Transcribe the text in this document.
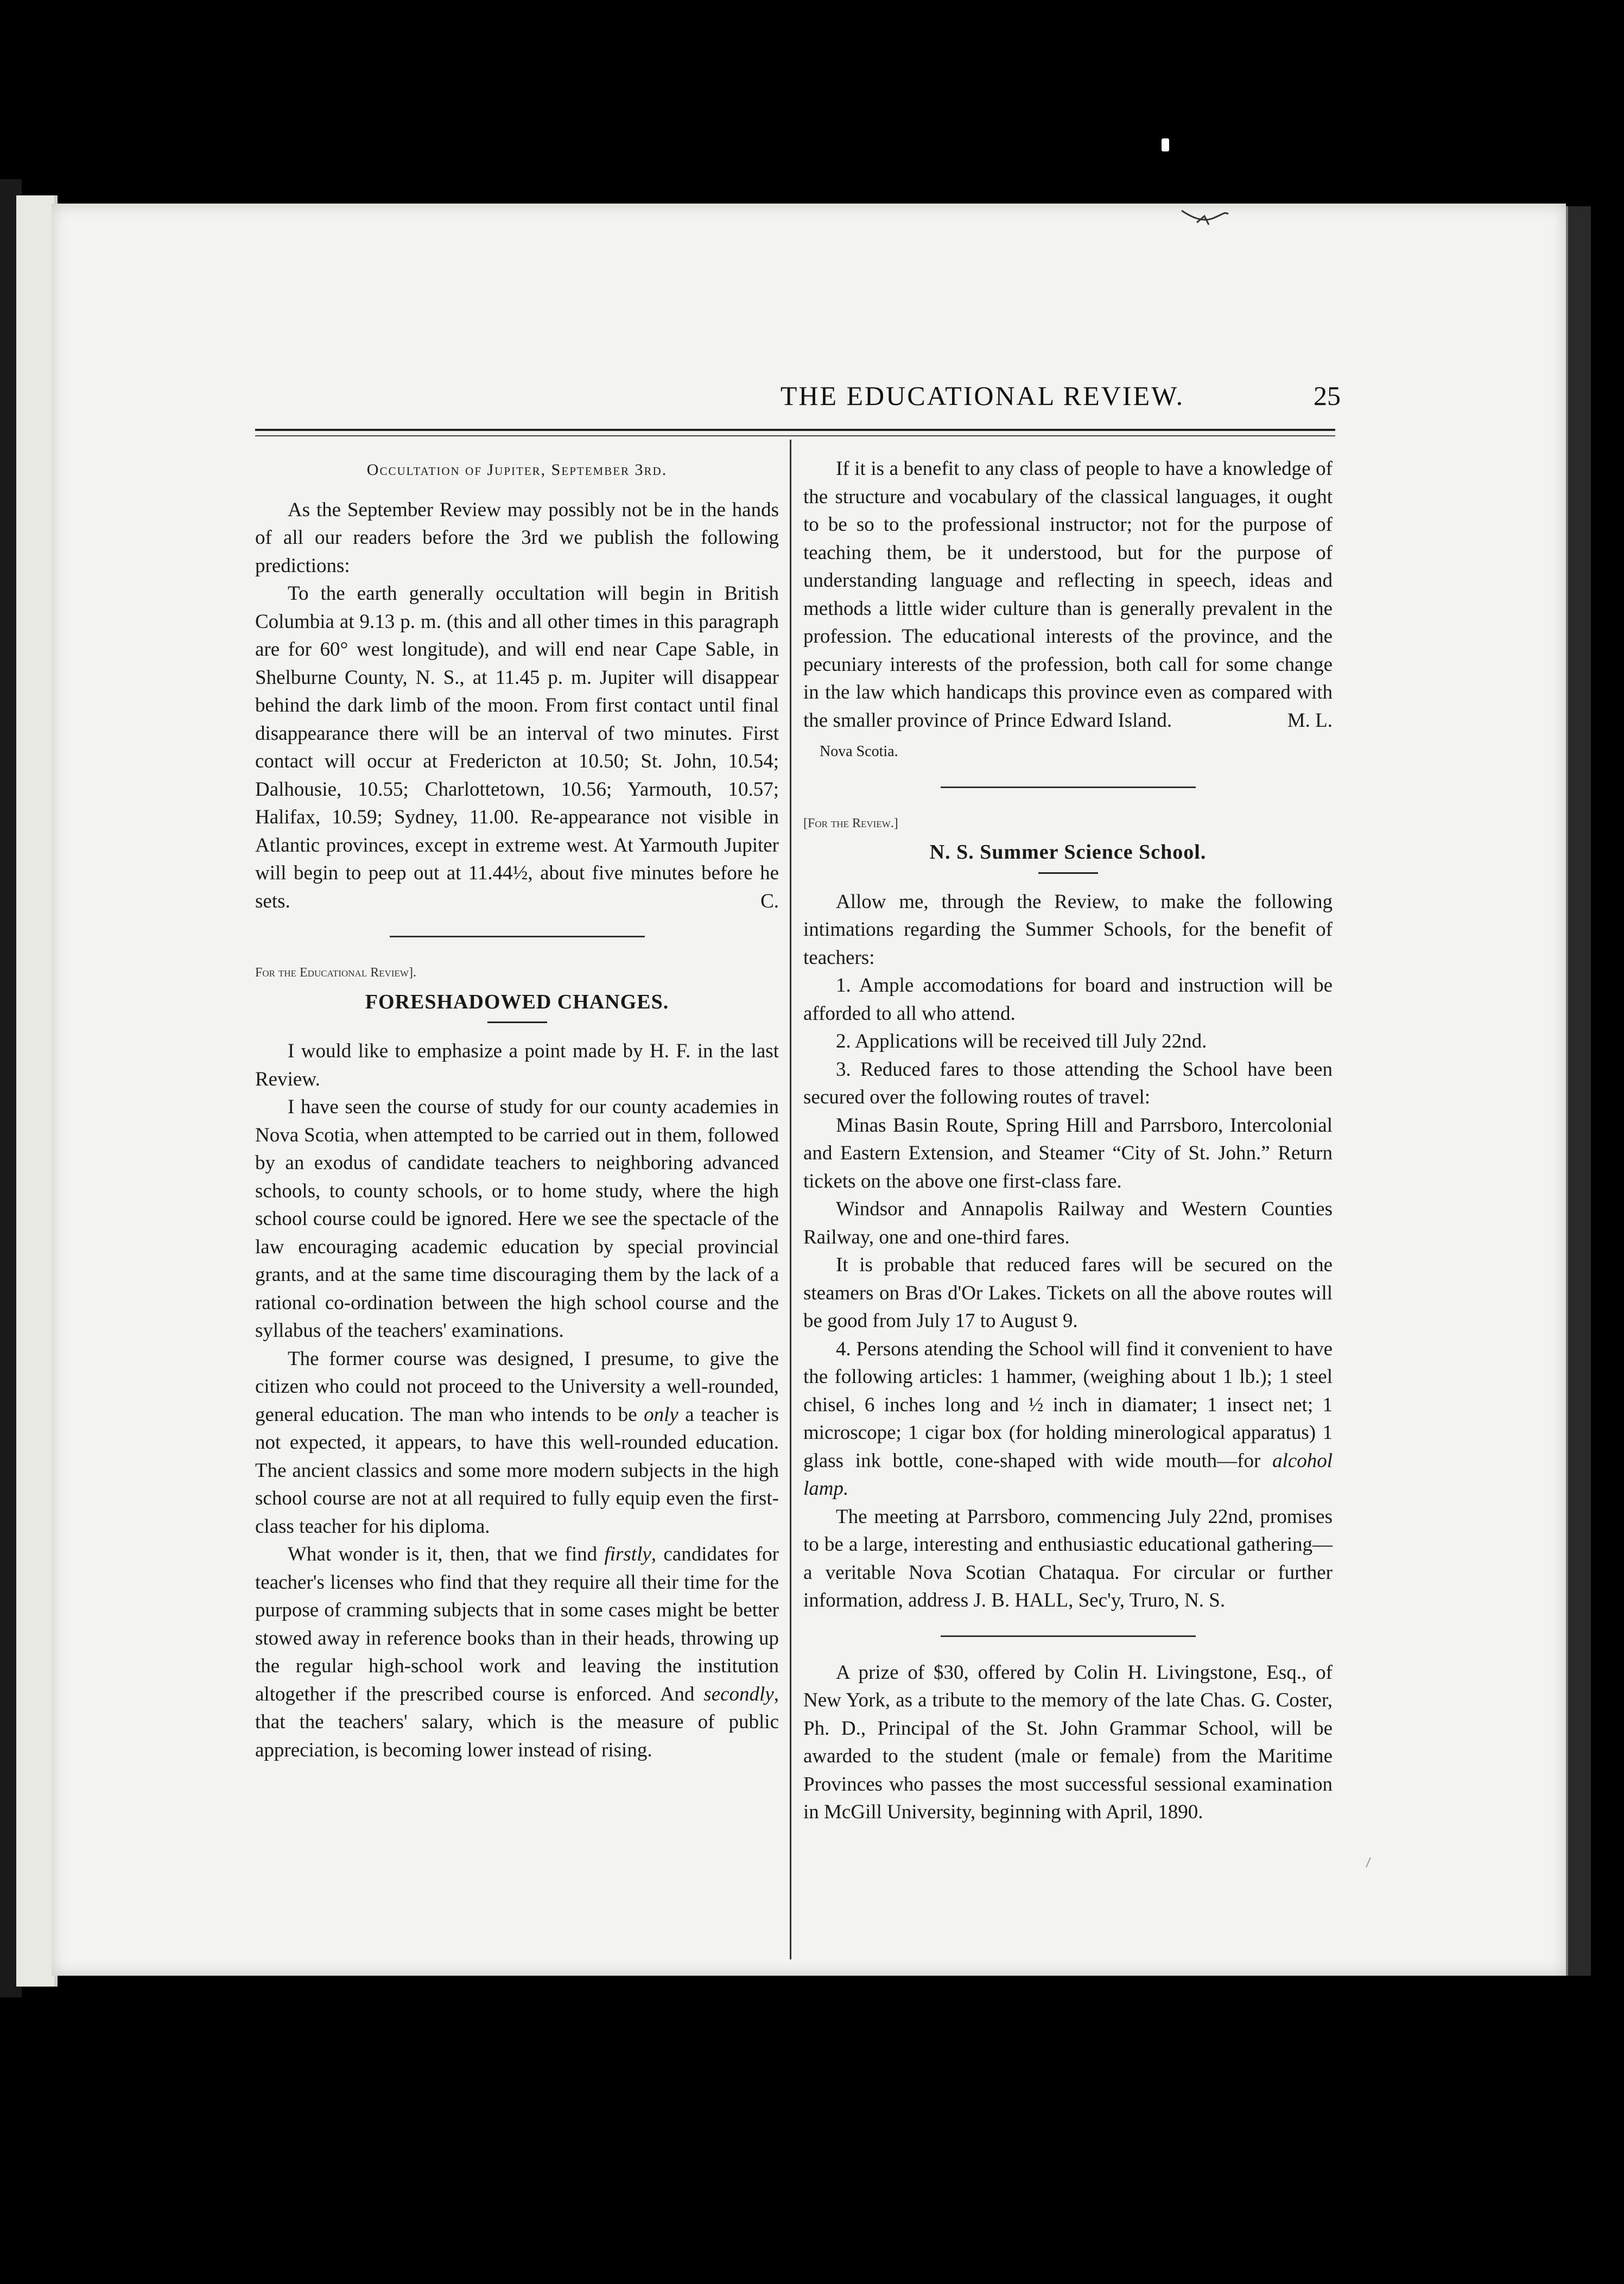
THE EDUCATIONAL REVIEW.	25
Occultation of Jupiter, September 3rd.

As the September Review may possibly not be in the hands of all our readers before the 3rd we publish the following predictions:

To the earth generally occultation will begin in British Columbia at 9.13 p. m. (this and all other times in this paragraph are for 60° west longitude), and will end near Cape Sable, in Shelburne County, N. S., at 11.45 p. m. Jupiter will disappear behind the dark limb of the moon. From first contact until final disappearance there will be an interval of two minutes. First contact will occur at Fredericton at 10.50; St. John, 10.54; Dalhousie, 10.55; Charlottetown, 10.56; Yarmouth, 10.57; Halifax, 10.59; Sydney, 11.00. Re-appearance not visible in Atlantic provinces, except in extreme west. At Yarmouth Jupiter will begin to peep out at 11.44½, about five minutes before he sets.	C.

For the Educational Review].

FORESHADOWED CHANGES.

I would like to emphasize a point made by H. F. in the last Review.

I have seen the course of study for our county academies in Nova Scotia, when attempted to be carried out in them, followed by an exodus of candidate teachers to neighboring advanced schools, to county schools, or to home study, where the high school course could be ignored. Here we see the spectacle of the law encouraging academic education by special provincial grants, and at the same time discouraging them by the lack of a rational co-ordination between the high school course and the syllabus of the teachers' examinations.

The former course was designed, I presume, to give the citizen who could not proceed to the University a well-rounded, general education. The man who intends to be only a teacher is not expected, it appears, to have this well-rounded education. The ancient classics and some more modern subjects in the high school course are not at all required to fully equip even the first-class teacher for his diploma.

What wonder is it, then, that we find firstly, candidates for teacher's licenses who find that they require all their time for the purpose of cramming subjects that in some cases might be better stowed away in reference books than in their heads, throwing up the regular high-school work and leaving the institution altogether if the prescribed course is enforced. And secondly, that the teachers' salary, which is the measure of public appreciation, is becoming lower instead of rising.

If it is a benefit to any class of people to have a knowledge of the structure and vocabulary of the classical languages, it ought to be so to the professional instructor; not for the purpose of teaching them, be it understood, but for the purpose of understanding language and reflecting in speech, ideas and methods a little wider culture than is generally prevalent in the profession. The educational interests of the province, and the pecuniary interests of the profession, both call for some change in the law which handicaps this province even as compared with the smaller province of Prince Edward Island.	M. L.

Nova Scotia.

[For the Review.]

N. S. Summer Science School.

Allow me, through the Review, to make the following intimations regarding the Summer Schools, for the benefit of teachers:

1. Ample accomodations for board and instruction will be afforded to all who attend.

2. Applications will be received till July 22nd.

3. Reduced fares to those attending the School have been secured over the following routes of travel:

Minas Basin Route, Spring Hill and Parrsboro, Intercolonial and Eastern Extension, and Steamer “City of St. John.” Return tickets on the above one first-class fare.

Windsor and Annapolis Railway and Western Counties Railway, one and one-third fares.

It is probable that reduced fares will be secured on the steamers on Bras d'Or Lakes. Tickets on all the above routes will be good from July 17 to August 9.

4. Persons atending the School will find it convenient to have the following articles: 1 hammer, (weighing about 1 lb.); 1 steel chisel, 6 inches long and ½ inch in diamater; 1 insect net; 1 microscope; 1 cigar box (for holding minerological apparatus) 1 glass ink bottle, cone-shaped with wide mouth—for alcohol lamp.

The meeting at Parrsboro, commencing July 22nd, promises to be a large, interesting and enthusiastic educational gathering—a veritable Nova Scotian Chataqua. For circular or further information, address J. B. HALL, Sec'y, Truro, N. S.

A prize of $30, offered by Colin H. Livingstone, Esq., of New York, as a tribute to the memory of the late Chas. G. Coster, Ph. D., Principal of the St. John Grammar School, will be awarded to the student (male or female) from the Maritime Provinces who passes the most successful sessional examination in McGill University, beginning with April, 1890.
